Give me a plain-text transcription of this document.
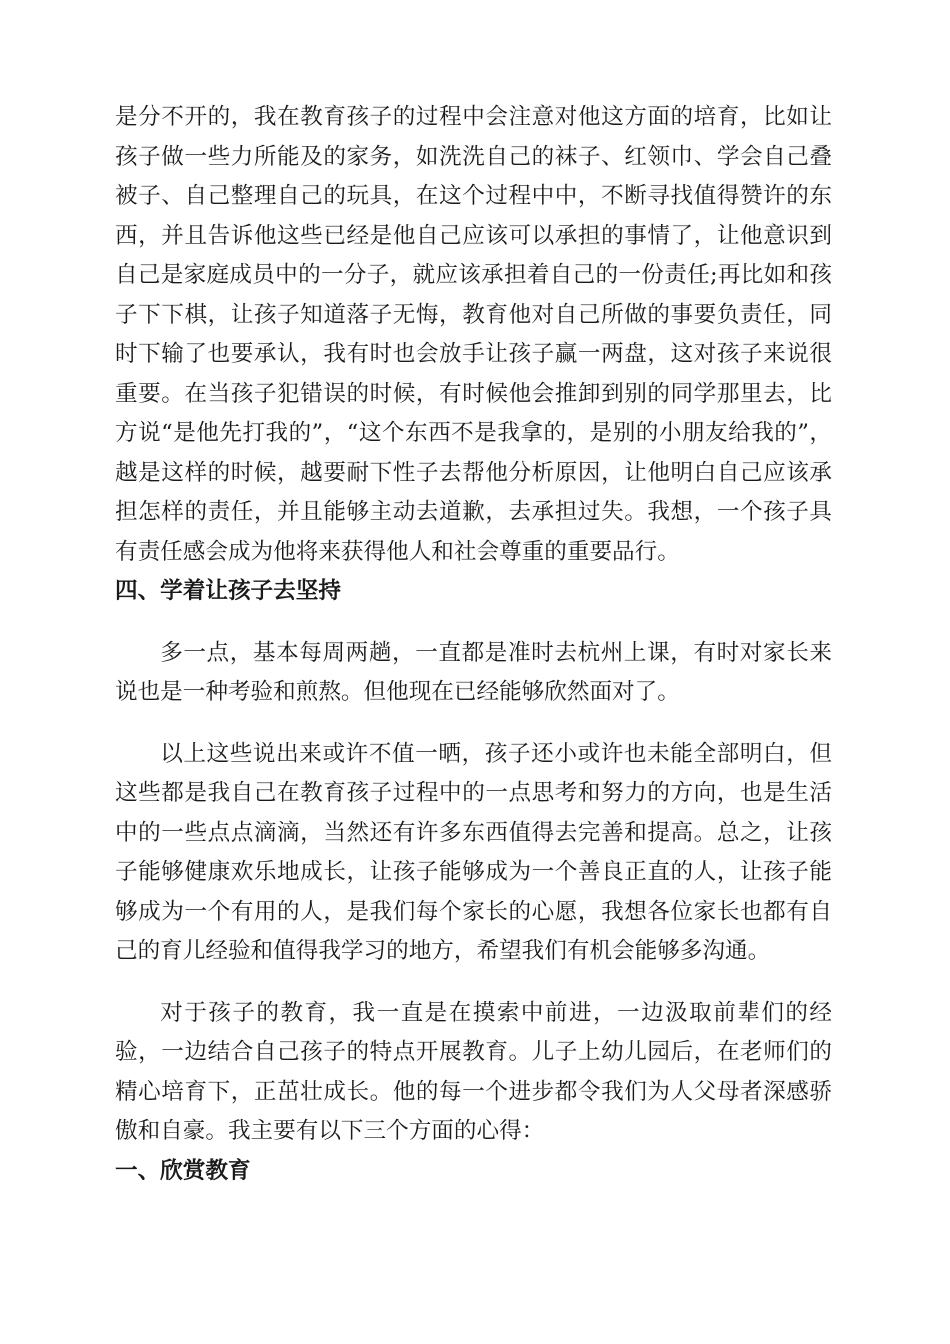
是分不开的，我在教育孩子的过程中会注意对他这方面的培育，比如让孩子做一些力所能及的家务，如洗洗自己的袜子、红领巾、学会自己叠被子、自己整理自己的玩具，在这个过程中中，不断寻找值得赞许的东西，并且告诉他这些已经是他自己应该可以承担的事情了，让他意识到自己是家庭成员中的一分子，就应该承担着自己的一份责任;再比如和孩子下下棋，让孩子知道落子无悔，教育他对自己所做的事要负责任，同时下输了也要承认，我有时也会放手让孩子赢一两盘，这对孩子来说很重要。在当孩子犯错误的时候，有时候他会推卸到别的同学那里去，比方说“是他先打我的”，“这个东西不是我拿的，是别的小朋友给我的”，越是这样的时候，越要耐下性子去帮他分析原因，让他明白自己应该承担怎样的责任，并且能够主动去道歉，去承担过失。我想，一个孩子具有责任感会成为他将来获得他人和社会尊重的重要品行。

四、学着让孩子去坚持

多一点，基本每周两趟，一直都是准时去杭州上课，有时对家长来说也是一种考验和煎熬。但他现在已经能够欣然面对了。

以上这些说出来或许不值一晒，孩子还小或许也未能全部明白，但这些都是我自己在教育孩子过程中的一点思考和努力的方向，也是生活中的一些点点滴滴，当然还有许多东西值得去完善和提高。总之，让孩子能够健康欢乐地成长，让孩子能够成为一个善良正直的人，让孩子能够成为一个有用的人，是我们每个家长的心愿，我想各位家长也都有自己的育儿经验和值得我学习的地方，希望我们有机会能够多沟通。

对于孩子的教育，我一直是在摸索中前进，一边汲取前辈们的经验，一边结合自己孩子的特点开展教育。儿子上幼儿园后，在老师们的精心培育下，正茁壮成长。他的每一个进步都令我们为人父母者深感骄傲和自豪。我主要有以下三个方面的心得：

一、欣赏教育
